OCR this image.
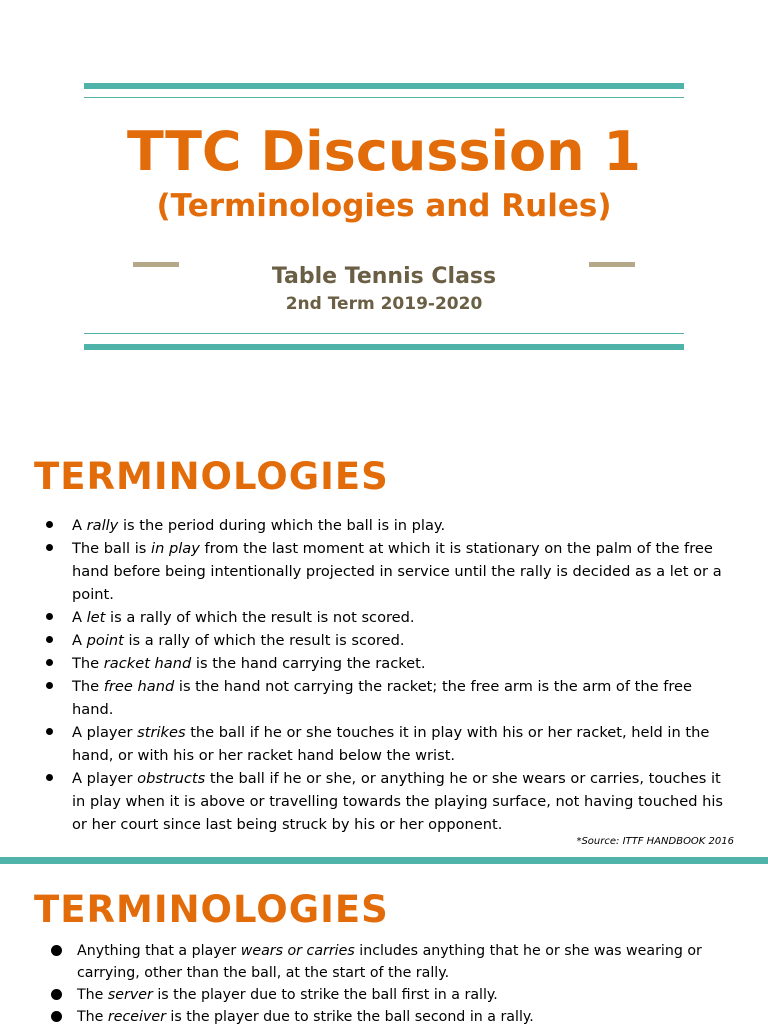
TTC Discussion 1
(Terminologies and Rules)
Table Tennis Class
2nd Term 2019-2020
TERMINOLOGIES
A rally is the period during which the ball is in play.
The ball is in play from the last moment at which it is stationary on the palm of the free hand before being intentionally projected in service until the rally is decided as a let or a point.
A let is a rally of which the result is not scored.
A point is a rally of which the result is scored.
The racket hand is the hand carrying the racket.
The free hand is the hand not carrying the racket; the free arm is the arm of the free hand.
A player strikes the ball if he or she touches it in play with his or her racket, held in the hand, or with his or her racket hand below the wrist.
A player obstructs the ball if he or she, or anything he or she wears or carries, touches it in play when it is above or travelling towards the playing surface, not having touched his or her court since last being struck by his or her opponent.
*Source: ITTF HANDBOOK 2016
TERMINOLOGIES
Anything that a player wears or carries includes anything that he or she was wearing or carrying, other than the ball, at the start of the rally.
The server is the player due to strike the ball first in a rally.
The receiver is the player due to strike the ball second in a rally.
